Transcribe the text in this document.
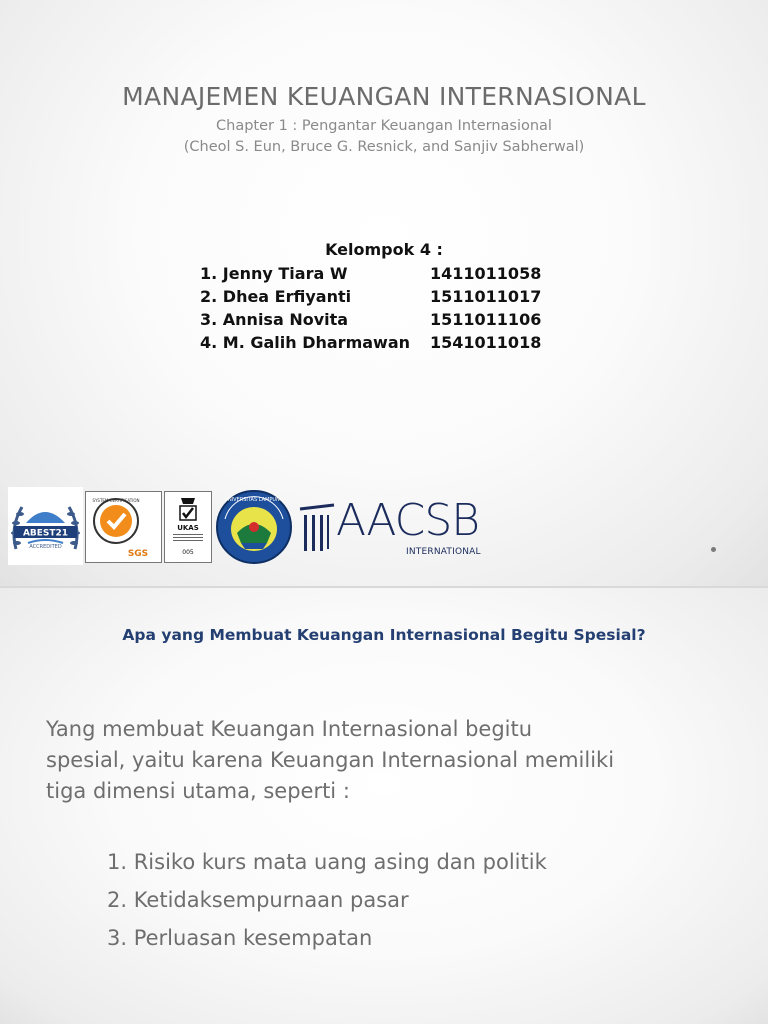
MANAJEMEN KEUANGAN INTERNASIONAL
Chapter 1 : Pengantar Keuangan Internasional
(Cheol S. Eun, Bruce G. Resnick, and Sanjiv Sabherwal)
Kelompok 4 :
1. Jenny Tiara W	1411011058
2. Dhea Erfiyanti	1511011017
3. Annisa Novita	1511011106
4. M. Galih Dharmawan	1541011018
ABEST21
ACCREDITED
SYSTEM CERTIFICATION
SGS
UKAS
005
UNIVERSITAS LAMPUNG AACSB
INTERNATIONAL
Apa yang Membuat Keuangan Internasional Begitu Spesial?
Yang membuat Keuangan Internasional begitu
spesial, yaitu karena Keuangan Internasional memiliki
tiga dimensi utama, seperti :
1. Risiko kurs mata uang asing dan politik
2. Ketidaksempurnaan pasar
3. Perluasan kesempatan
